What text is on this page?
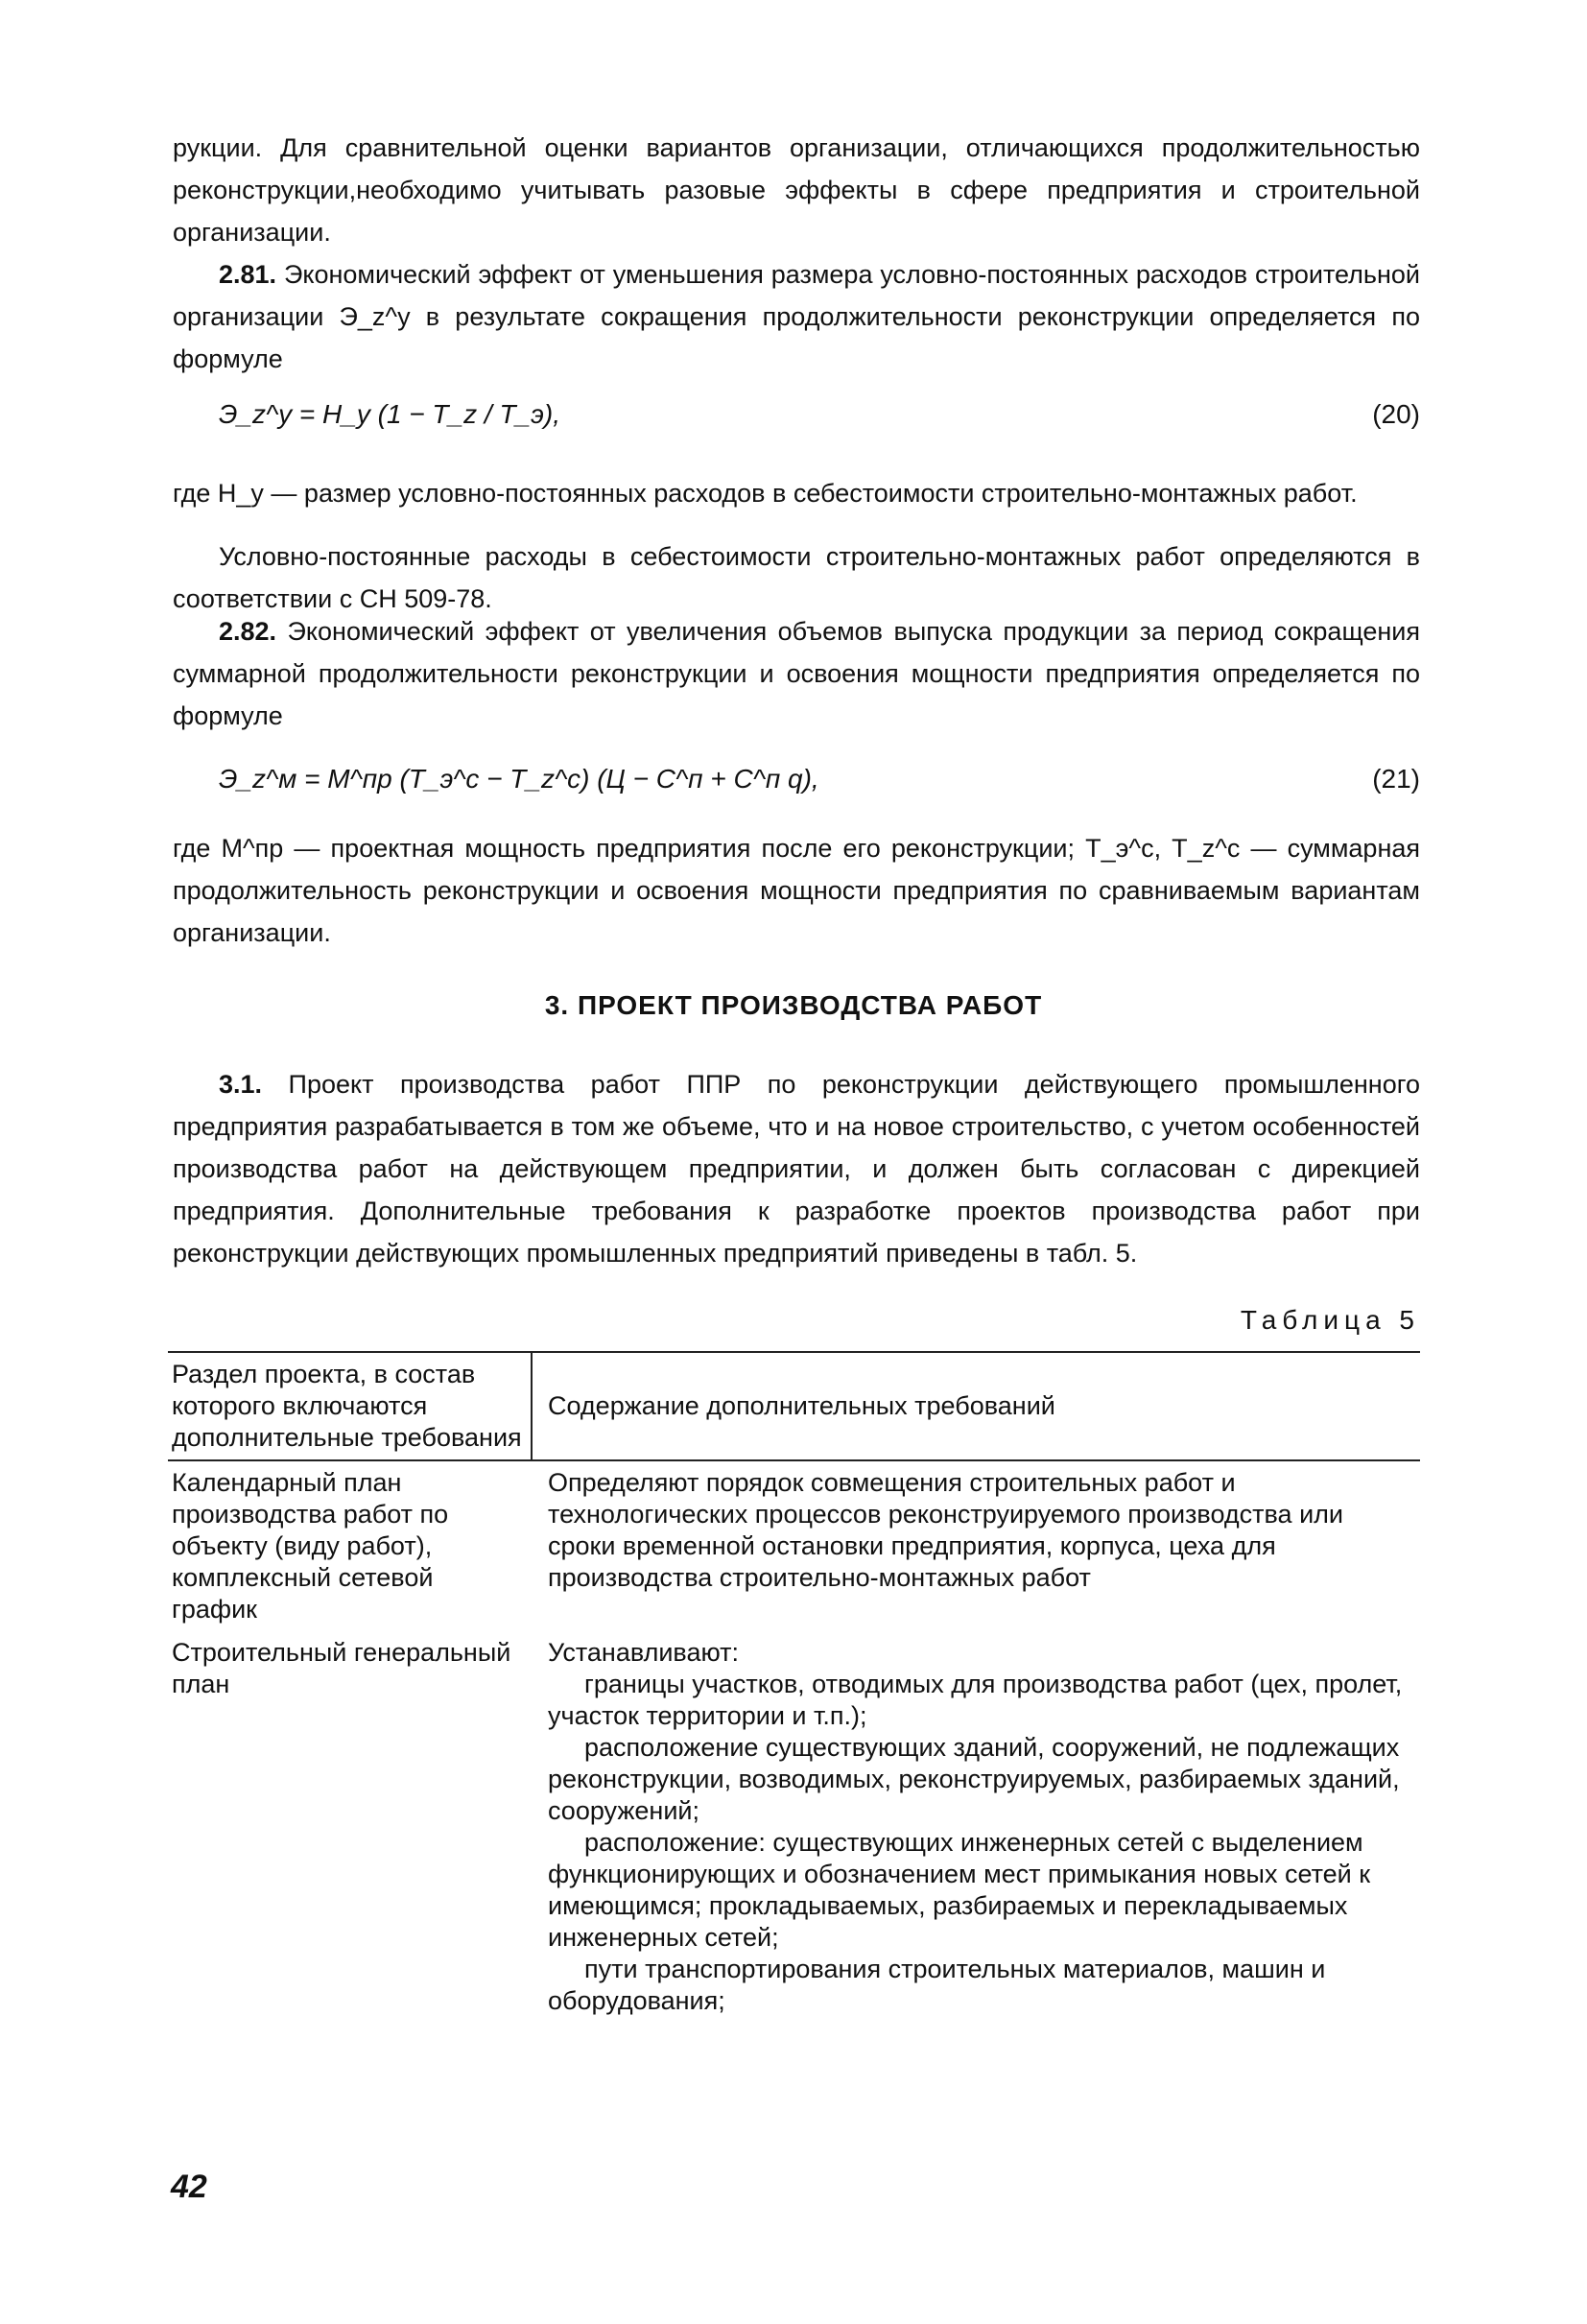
рукции. Для сравнительной оценки вариантов организации, отличающихся продолжительностью реконструкции,необходимо учитывать разовые эффекты в сфере предприятия и строительной организации.

2.81. Экономический эффект от уменьшения размера условно-постоянных расходов строительной организации Э_z^у в результате сокращения продолжительности реконструкции определяется по формуле

Э_z^у = Н_у (1 − Т_z / Т_э),	(20)

где Н_у — размер условно-постоянных расходов в себестоимости строительно-монтажных работ.

Условно-постоянные расходы в себестоимости строительно-монтажных работ определяются в соответствии с СН 509-78.

2.82. Экономический эффект от увеличения объемов выпуска продукции за период сокращения суммарной продолжительности реконструкции и освоения мощности предприятия определяется по формуле

Э_z^м = М^пр (Т_э^с − Т_z^с) (Ц − С^п + С^п q),	(21)

где М^пр — проектная мощность предприятия после его реконструкции; Т_э^с, Т_z^с — суммарная продолжительность реконструкции и освоения мощности предприятия по сравниваемым вариантам организации.

3. ПРОЕКТ ПРОИЗВОДСТВА РАБОТ

3.1. Проект производства работ ППР по реконструкции действующего промышленного предприятия разрабатывается в том же объеме, что и на новое строительство, с учетом особенностей производства работ на действующем предприятии, и должен быть согласован с дирекцией предприятия. Дополнительные требования к разработке проектов производства работ при реконструкции действующих промышленных предприятий приведены в табл. 5.

Таблица 5
Раздел проекта, в состав которого включаются дополнительные требования
Содержание дополнительных требований
Календарный план производства работ по объекту (виду работ), комплексный сетевой график

Определяют порядок совмещения строительных работ и технологических процессов реконструируемого производства или сроки временной остановки предприятия, корпуса, цеха для производства строительно-монтажных работ

Строительный генеральный план

Устанавливают:

границы участков, отводимых для производства работ (цех, пролет, участок территории и т.п.);

расположение существующих зданий, сооружений, не подлежащих реконструкции, возводимых, реконструируемых, разбираемых зданий, сооружений;

расположение: существующих инженерных сетей с выделением функционирующих и обозначением мест примыкания новых сетей к имеющимся; прокладываемых, разбираемых и перекладываемых инженерных сетей;

пути транспортирования строительных материалов, машин и оборудования;

42
